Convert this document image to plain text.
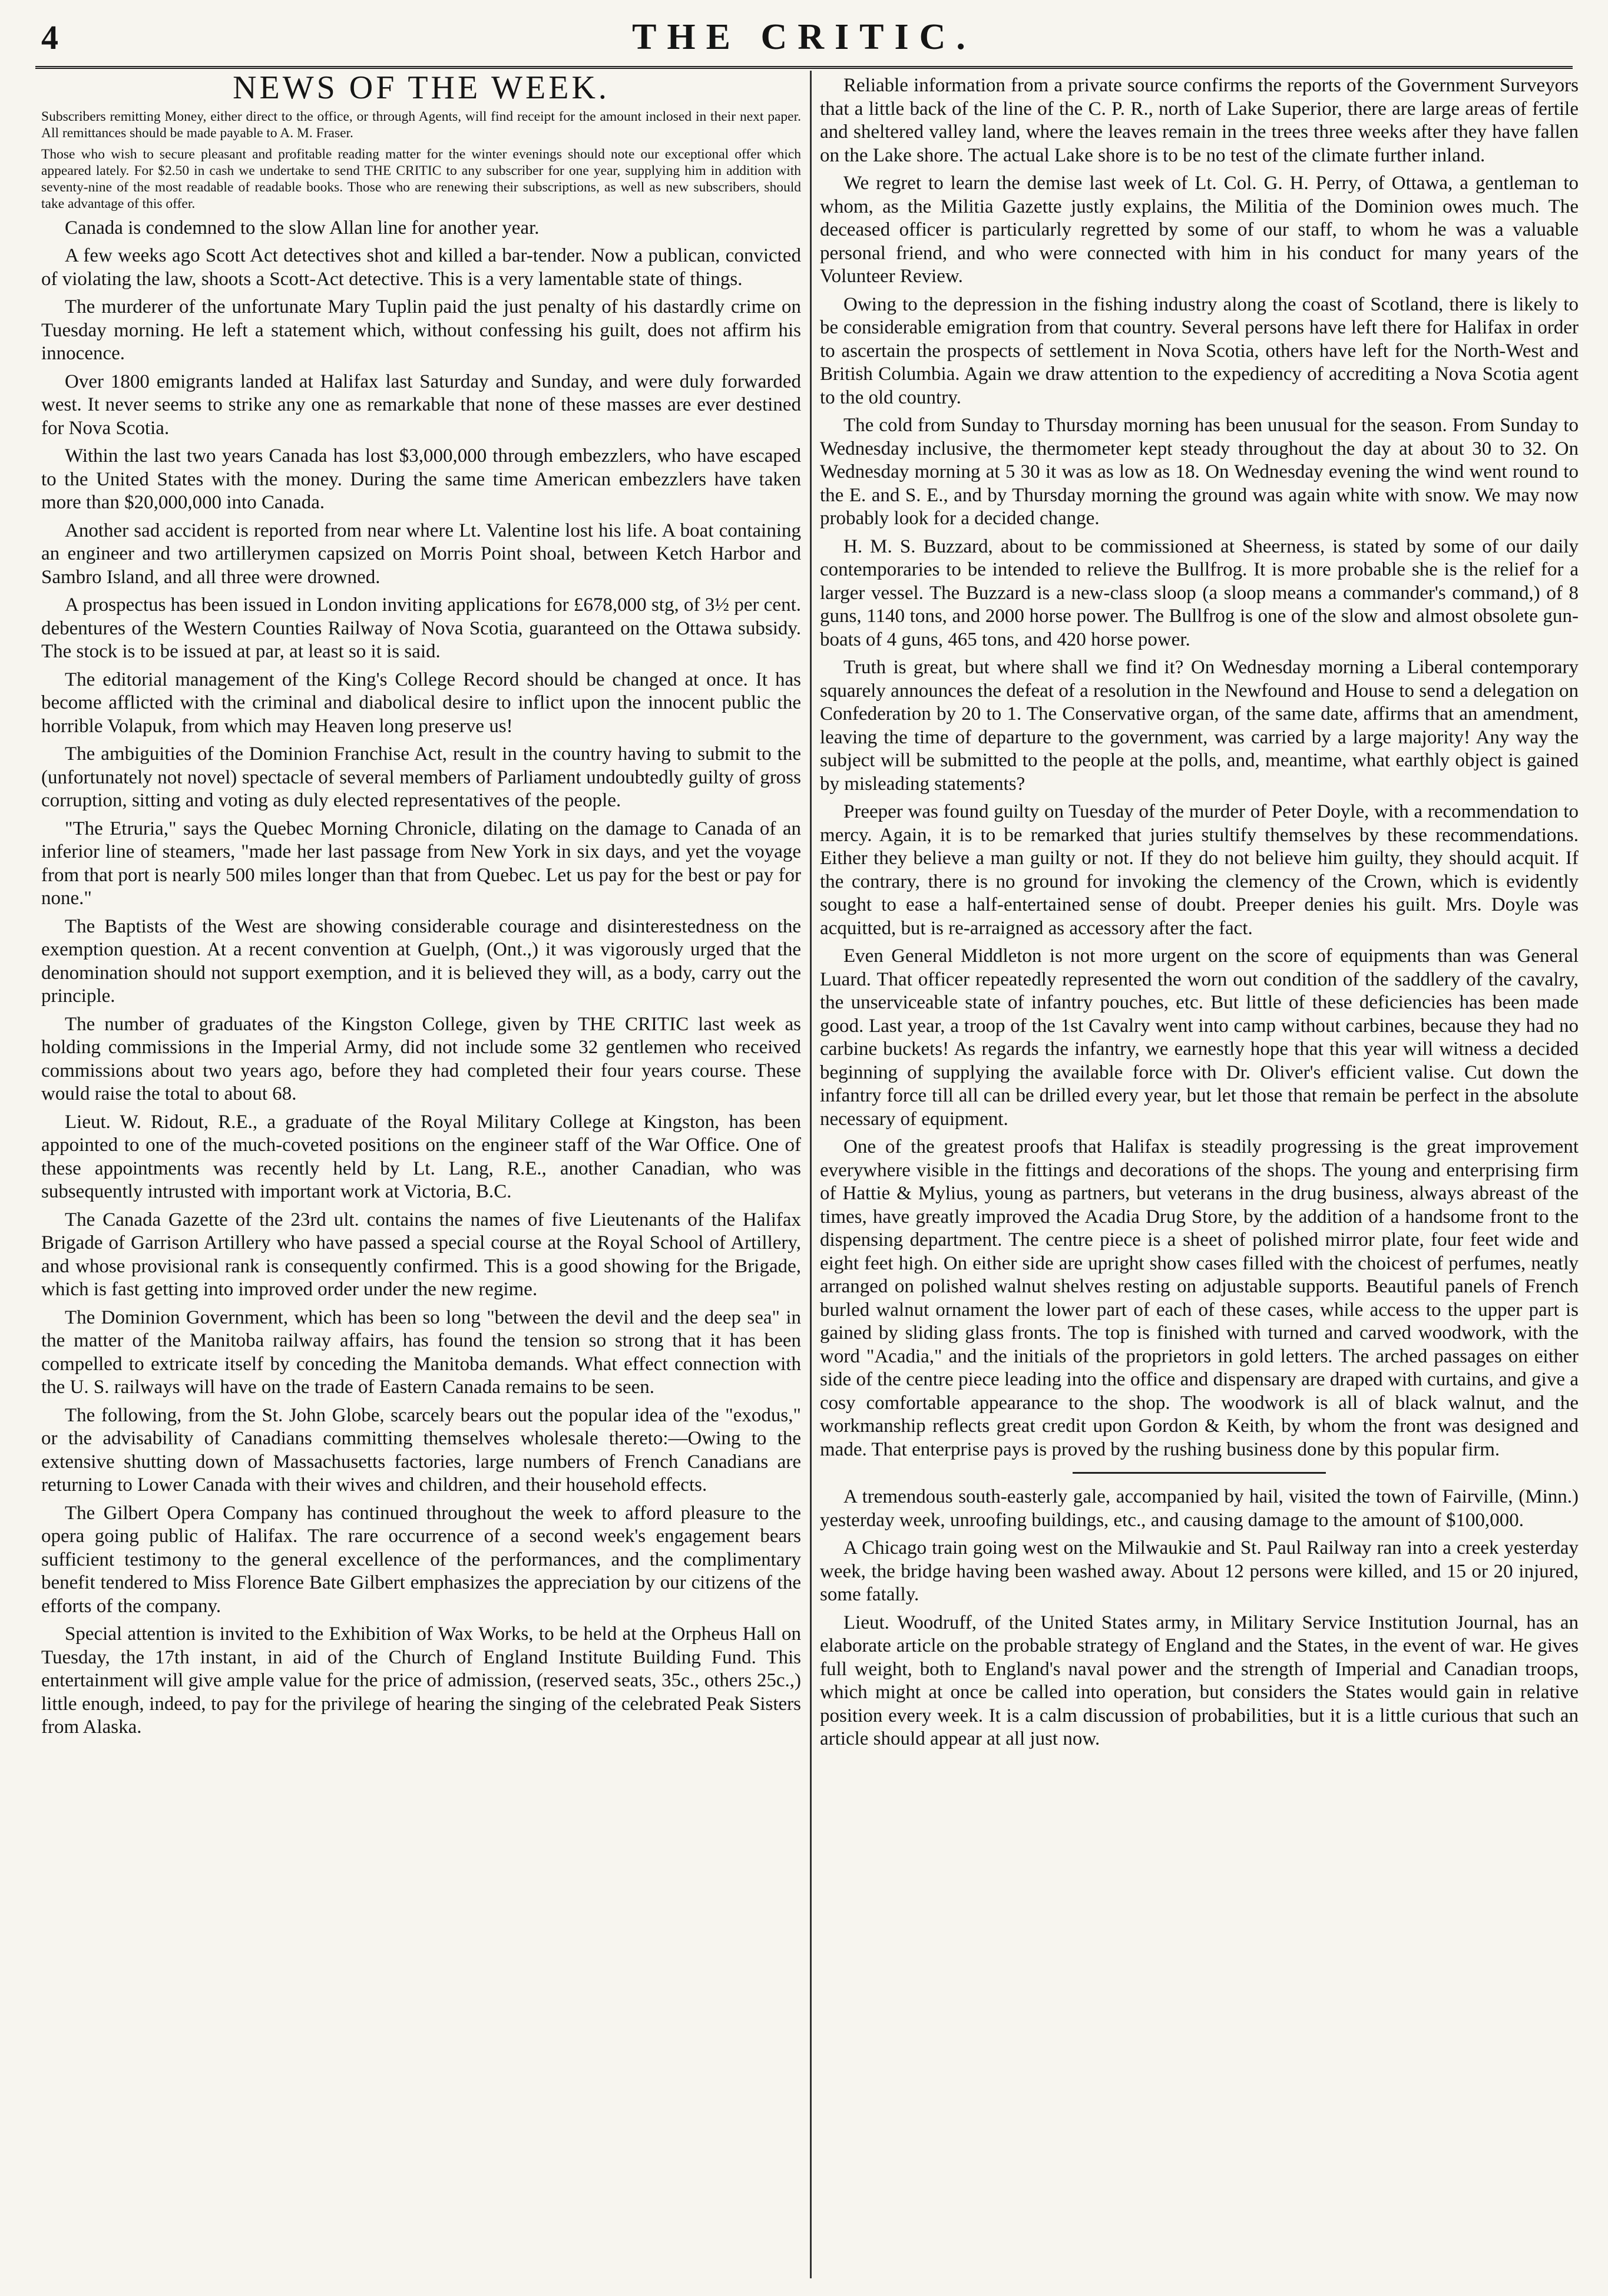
4	THE CRITIC.
NEWS OF THE WEEK.

Subscribers remitting Money, either direct to the office, or through Agents, will find receipt for the amount inclosed in their next paper. All remittances should be made payable to A. M. Fraser.

Those who wish to secure pleasant and profitable reading matter for the winter evenings should note our exceptional offer which appeared lately. For $2.50 in cash we undertake to send THE CRITIC to any subscriber for one year, supplying him in addition with seventy-nine of the most readable of readable books. Those who are renewing their subscriptions, as well as new subscribers, should take advantage of this offer.

Canada is condemned to the slow Allan line for another year.

A few weeks ago Scott Act detectives shot and killed a bar-tender. Now a publican, convicted of violating the law, shoots a Scott-Act detective. This is a very lamentable state of things.

The murderer of the unfortunate Mary Tuplin paid the just penalty of his dastardly crime on Tuesday morning. He left a statement which, without confessing his guilt, does not affirm his innocence.

Over 1800 emigrants landed at Halifax last Saturday and Sunday, and were duly forwarded west. It never seems to strike any one as remarkable that none of these masses are ever destined for Nova Scotia.

Within the last two years Canada has lost $3,000,000 through embezzlers, who have escaped to the United States with the money. During the same time American embezzlers have taken more than $20,000,000 into Canada.

Another sad accident is reported from near where Lt. Valentine lost his life. A boat containing an engineer and two artillerymen capsized on Morris Point shoal, between Ketch Harbor and Sambro Island, and all three were drowned.

A prospectus has been issued in London inviting applications for £678,000 stg, of 3½ per cent. debentures of the Western Counties Railway of Nova Scotia, guaranteed on the Ottawa subsidy. The stock is to be issued at par, at least so it is said.

The editorial management of the King's College Record should be changed at once. It has become afflicted with the criminal and diabolical desire to inflict upon the innocent public the horrible Volapuk, from which may Heaven long preserve us!

The ambiguities of the Dominion Franchise Act, result in the country having to submit to the (unfortunately not novel) spectacle of several members of Parliament undoubtedly guilty of gross corruption, sitting and voting as duly elected representatives of the people.

"The Etruria," says the Quebec Morning Chronicle, dilating on the damage to Canada of an inferior line of steamers, "made her last passage from New York in six days, and yet the voyage from that port is nearly 500 miles longer than that from Quebec. Let us pay for the best or pay for none."

The Baptists of the West are showing considerable courage and disinterestedness on the exemption question. At a recent convention at Guelph, (Ont.,) it was vigorously urged that the denomination should not support exemption, and it is believed they will, as a body, carry out the principle.

The number of graduates of the Kingston College, given by THE CRITIC last week as holding commissions in the Imperial Army, did not include some 32 gentlemen who received commissions about two years ago, before they had completed their four years course. These would raise the total to about 68.

Lieut. W. Ridout, R.E., a graduate of the Royal Military College at Kingston, has been appointed to one of the much-coveted positions on the engineer staff of the War Office. One of these appointments was recently held by Lt. Lang, R.E., another Canadian, who was subsequently intrusted with important work at Victoria, B.C.

The Canada Gazette of the 23rd ult. contains the names of five Lieutenants of the Halifax Brigade of Garrison Artillery who have passed a special course at the Royal School of Artillery, and whose provisional rank is consequently confirmed. This is a good showing for the Brigade, which is fast getting into improved order under the new regime.

The Dominion Government, which has been so long "between the devil and the deep sea" in the matter of the Manitoba railway affairs, has found the tension so strong that it has been compelled to extricate itself by conceding the Manitoba demands. What effect connection with the U. S. railways will have on the trade of Eastern Canada remains to be seen.

The following, from the St. John Globe, scarcely bears out the popular idea of the "exodus," or the advisability of Canadians committing themselves wholesale thereto:—Owing to the extensive shutting down of Massachusetts factories, large numbers of French Canadians are returning to Lower Canada with their wives and children, and their household effects.

The Gilbert Opera Company has continued throughout the week to afford pleasure to the opera going public of Halifax. The rare occurrence of a second week's engagement bears sufficient testimony to the general excellence of the performances, and the complimentary benefit tendered to Miss Florence Bate Gilbert emphasizes the appreciation by our citizens of the efforts of the company.

Special attention is invited to the Exhibition of Wax Works, to be held at the Orpheus Hall on Tuesday, the 17th instant, in aid of the Church of England Institute Building Fund. This entertainment will give ample value for the price of admission, (reserved seats, 35c., others 25c.,) little enough, indeed, to pay for the privilege of hearing the singing of the celebrated Peak Sisters from Alaska.

Reliable information from a private source confirms the reports of the Government Surveyors that a little back of the line of the C. P. R., north of Lake Superior, there are large areas of fertile and sheltered valley land, where the leaves remain in the trees three weeks after they have fallen on the Lake shore. The actual Lake shore is to be no test of the climate further inland.

We regret to learn the demise last week of Lt. Col. G. H. Perry, of Ottawa, a gentleman to whom, as the Militia Gazette justly explains, the Militia of the Dominion owes much. The deceased officer is particularly regretted by some of our staff, to whom he was a valuable personal friend, and who were connected with him in his conduct for many years of the Volunteer Review.

Owing to the depression in the fishing industry along the coast of Scotland, there is likely to be considerable emigration from that country. Several persons have left there for Halifax in order to ascertain the prospects of settlement in Nova Scotia, others have left for the North-West and British Columbia. Again we draw attention to the expediency of accrediting a Nova Scotia agent to the old country.

The cold from Sunday to Thursday morning has been unusual for the season. From Sunday to Wednesday inclusive, the thermometer kept steady throughout the day at about 30 to 32. On Wednesday morning at 5 30 it was as low as 18. On Wednesday evening the wind went round to the E. and S. E., and by Thursday morning the ground was again white with snow. We may now probably look for a decided change.

H. M. S. Buzzard, about to be commissioned at Sheerness, is stated by some of our daily contemporaries to be intended to relieve the Bullfrog. It is more probable she is the relief for a larger vessel. The Buzzard is a new-class sloop (a sloop means a commander's command,) of 8 guns, 1140 tons, and 2000 horse power. The Bullfrog is one of the slow and almost obsolete gun-boats of 4 guns, 465 tons, and 420 horse power.

Truth is great, but where shall we find it? On Wednesday morning a Liberal contemporary squarely announces the defeat of a resolution in the Newfound and House to send a delegation on Confederation by 20 to 1. The Conservative organ, of the same date, affirms that an amendment, leaving the time of departure to the government, was carried by a large majority! Any way the subject will be submitted to the people at the polls, and, meantime, what earthly object is gained by misleading statements?

Preeper was found guilty on Tuesday of the murder of Peter Doyle, with a recommendation to mercy. Again, it is to be remarked that juries stultify themselves by these recommendations. Either they believe a man guilty or not. If they do not believe him guilty, they should acquit. If the contrary, there is no ground for invoking the clemency of the Crown, which is evidently sought to ease a half-entertained sense of doubt. Preeper denies his guilt. Mrs. Doyle was acquitted, but is re-arraigned as accessory after the fact.

Even General Middleton is not more urgent on the score of equipments than was General Luard. That officer repeatedly represented the worn out condition of the saddlery of the cavalry, the unserviceable state of infantry pouches, etc. But little of these deficiencies has been made good. Last year, a troop of the 1st Cavalry went into camp without carbines, because they had no carbine buckets! As regards the infantry, we earnestly hope that this year will witness a decided beginning of supplying the available force with Dr. Oliver's efficient valise. Cut down the infantry force till all can be drilled every year, but let those that remain be perfect in the absolute necessary of equipment.

One of the greatest proofs that Halifax is steadily progressing is the great improvement everywhere visible in the fittings and decorations of the shops. The young and enterprising firm of Hattie & Mylius, young as partners, but veterans in the drug business, always abreast of the times, have greatly improved the Acadia Drug Store, by the addition of a handsome front to the dispensing department. The centre piece is a sheet of polished mirror plate, four feet wide and eight feet high. On either side are upright show cases filled with the choicest of perfumes, neatly arranged on polished walnut shelves resting on adjustable supports. Beautiful panels of French burled walnut ornament the lower part of each of these cases, while access to the upper part is gained by sliding glass fronts. The top is finished with turned and carved woodwork, with the word "Acadia," and the initials of the proprietors in gold letters. The arched passages on either side of the centre piece leading into the office and dispensary are draped with curtains, and give a cosy comfortable appearance to the shop. The woodwork is all of black walnut, and the workmanship reflects great credit upon Gordon & Keith, by whom the front was designed and made. That enterprise pays is proved by the rushing business done by this popular firm.

A tremendous south-easterly gale, accompanied by hail, visited the town of Fairville, (Minn.) yesterday week, unroofing buildings, etc., and causing damage to the amount of $100,000.

A Chicago train going west on the Milwaukie and St. Paul Railway ran into a creek yesterday week, the bridge having been washed away. About 12 persons were killed, and 15 or 20 injured, some fatally.

Lieut. Woodruff, of the United States army, in Military Service Institution Journal, has an elaborate article on the probable strategy of England and the States, in the event of war. He gives full weight, both to England's naval power and the strength of Imperial and Canadian troops, which might at once be called into operation, but considers the States would gain in relative position every week. It is a calm discussion of probabilities, but it is a little curious that such an article should appear at all just now.
